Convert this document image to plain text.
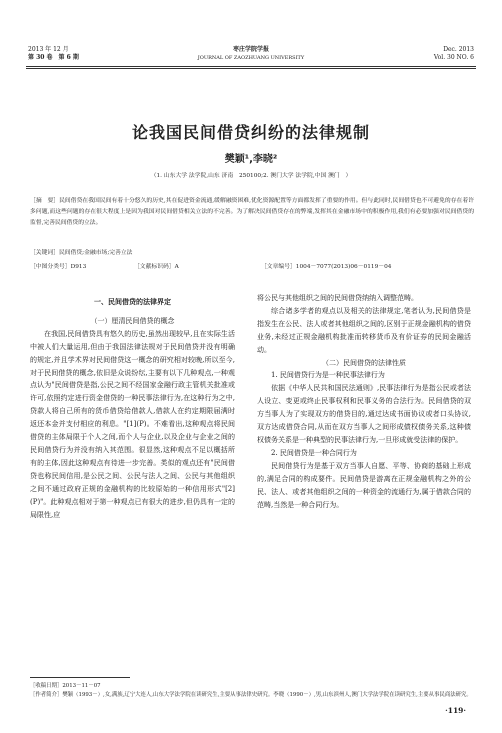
2013 年 12 月
第 30 卷　第 6 期
枣庄学院学报
JOURNAL OF ZAOZHUANG UNIVERSITY
Dec. 2013
Vol. 30 NO. 6
论我国民间借贷纠纷的法律规制
樊颖¹,李晓²
（1. 山东大学 法学院,山东 济南　250100;2. 澳门大学 法学院,中国 澳门　）
［摘　要］民间借贷在我国民间有着十分悠久的历史,其在促进资金流通,缓解融资困难,优化资源配置等方面都发挥了重要的作用。但与此同时,民间借贷也不可避免的存在着许多问题,而这些问题的存在很大程度上是因为我国对民间借贷相关立法的不完善。为了解决民间借贷存在的弊端,发挥其在金融市场中的积极作用,我们有必要加强对民间借贷的监督,完善民间借贷的立法。
［关键词］民间借贷;金融市场;完善立法
［中图分类号］D913	［文献标识码］A	［文章编号］1004－7077(2013)06－0119－04
一、民间借贷的法律界定
（一）厘清民间借贷的概念

在我国,民间借贷具有悠久的历史,虽然出现较早,且在实际生活中被人们大量运用,但由于我国法律法规对于民间借贷并没有明确的规定,并且学术界对民间借贷这一概念的研究相对较晚,所以至今,对于民间借贷的概念,依旧是众说纷纭,主要有以下几种观点,一种观点认为"民间借贷是指,公民之间不经国家金融行政主管机关批准或许可,依照约定进行资金借贷的一种民事法律行为,在这种行为之中,贷款人将自己所有的货币借贷给借款人,借款人在约定期限届满时返还本金并支付相应的利息。"[1](P)。不难看出,这种观点将民间借贷的主体局限于个人之间,而个人与企业,以及企业与企业之间的民间借贷行为并没有纳入其范围。很显然,这种观点不足以概括所有的主体,因此这种观点有待进一步完善。类似的观点还有"民间借贷也称民间信用,是公民之间、公民与法人之间、公民与其他组织之间不通过政府正规的金融机构的比较原始的一种信用形式"[2](P)"。此种观点相对于第一种观点已有很大的进步,但仍具有一定的局限性,应

将公民与其他组织之间的民间借贷纳纳入调整范畴。

综合诸多学者的观点以及相关的法律规定,笔者认为,民间借贷是指发生在公民、法人或者其他组织之间的,区别于正规金融机构的借贷业务,未经过正规金融机构批准而转移货币及有价证券的民间金融活动。

（二）民间借贷的法律性质

1. 民间借贷行为是一种民事法律行为

依据《中华人民共和国民法通则》,民事法律行为是指公民或者法人设立、变更或终止民事权利和民事义务的合法行为。民间借贷的双方当事人为了实现双方的借贷目的,通过达成书面协议或者口头协议,双方达成借贷合同,从而在双方当事人之间形成债权债务关系,这种债权债务关系是一种典型的民事法律行为,一旦形成就受法律的保护。

2. 民间借贷是一种合同行为

民间借贷行为是基于双方当事人自愿、平等、协商的基础上形成的,满足合同的构成要件。民间借贷是游离在正规金融机构之外的公民、法人、或者其他组织之间的一种资金的流通行为,属于借款合同的范畴,当然是一种合同行为。

［收稿日期］2013－11－07
［作者简介］樊颖（1993－）,女,满族,辽宁大连人,山东大学法学院在读研究生,主要从事法律史研究。李晓（1990－）,男,山东滨州人,澳门大学法学院在读研究生,主要从事民商法研究。
·119·
